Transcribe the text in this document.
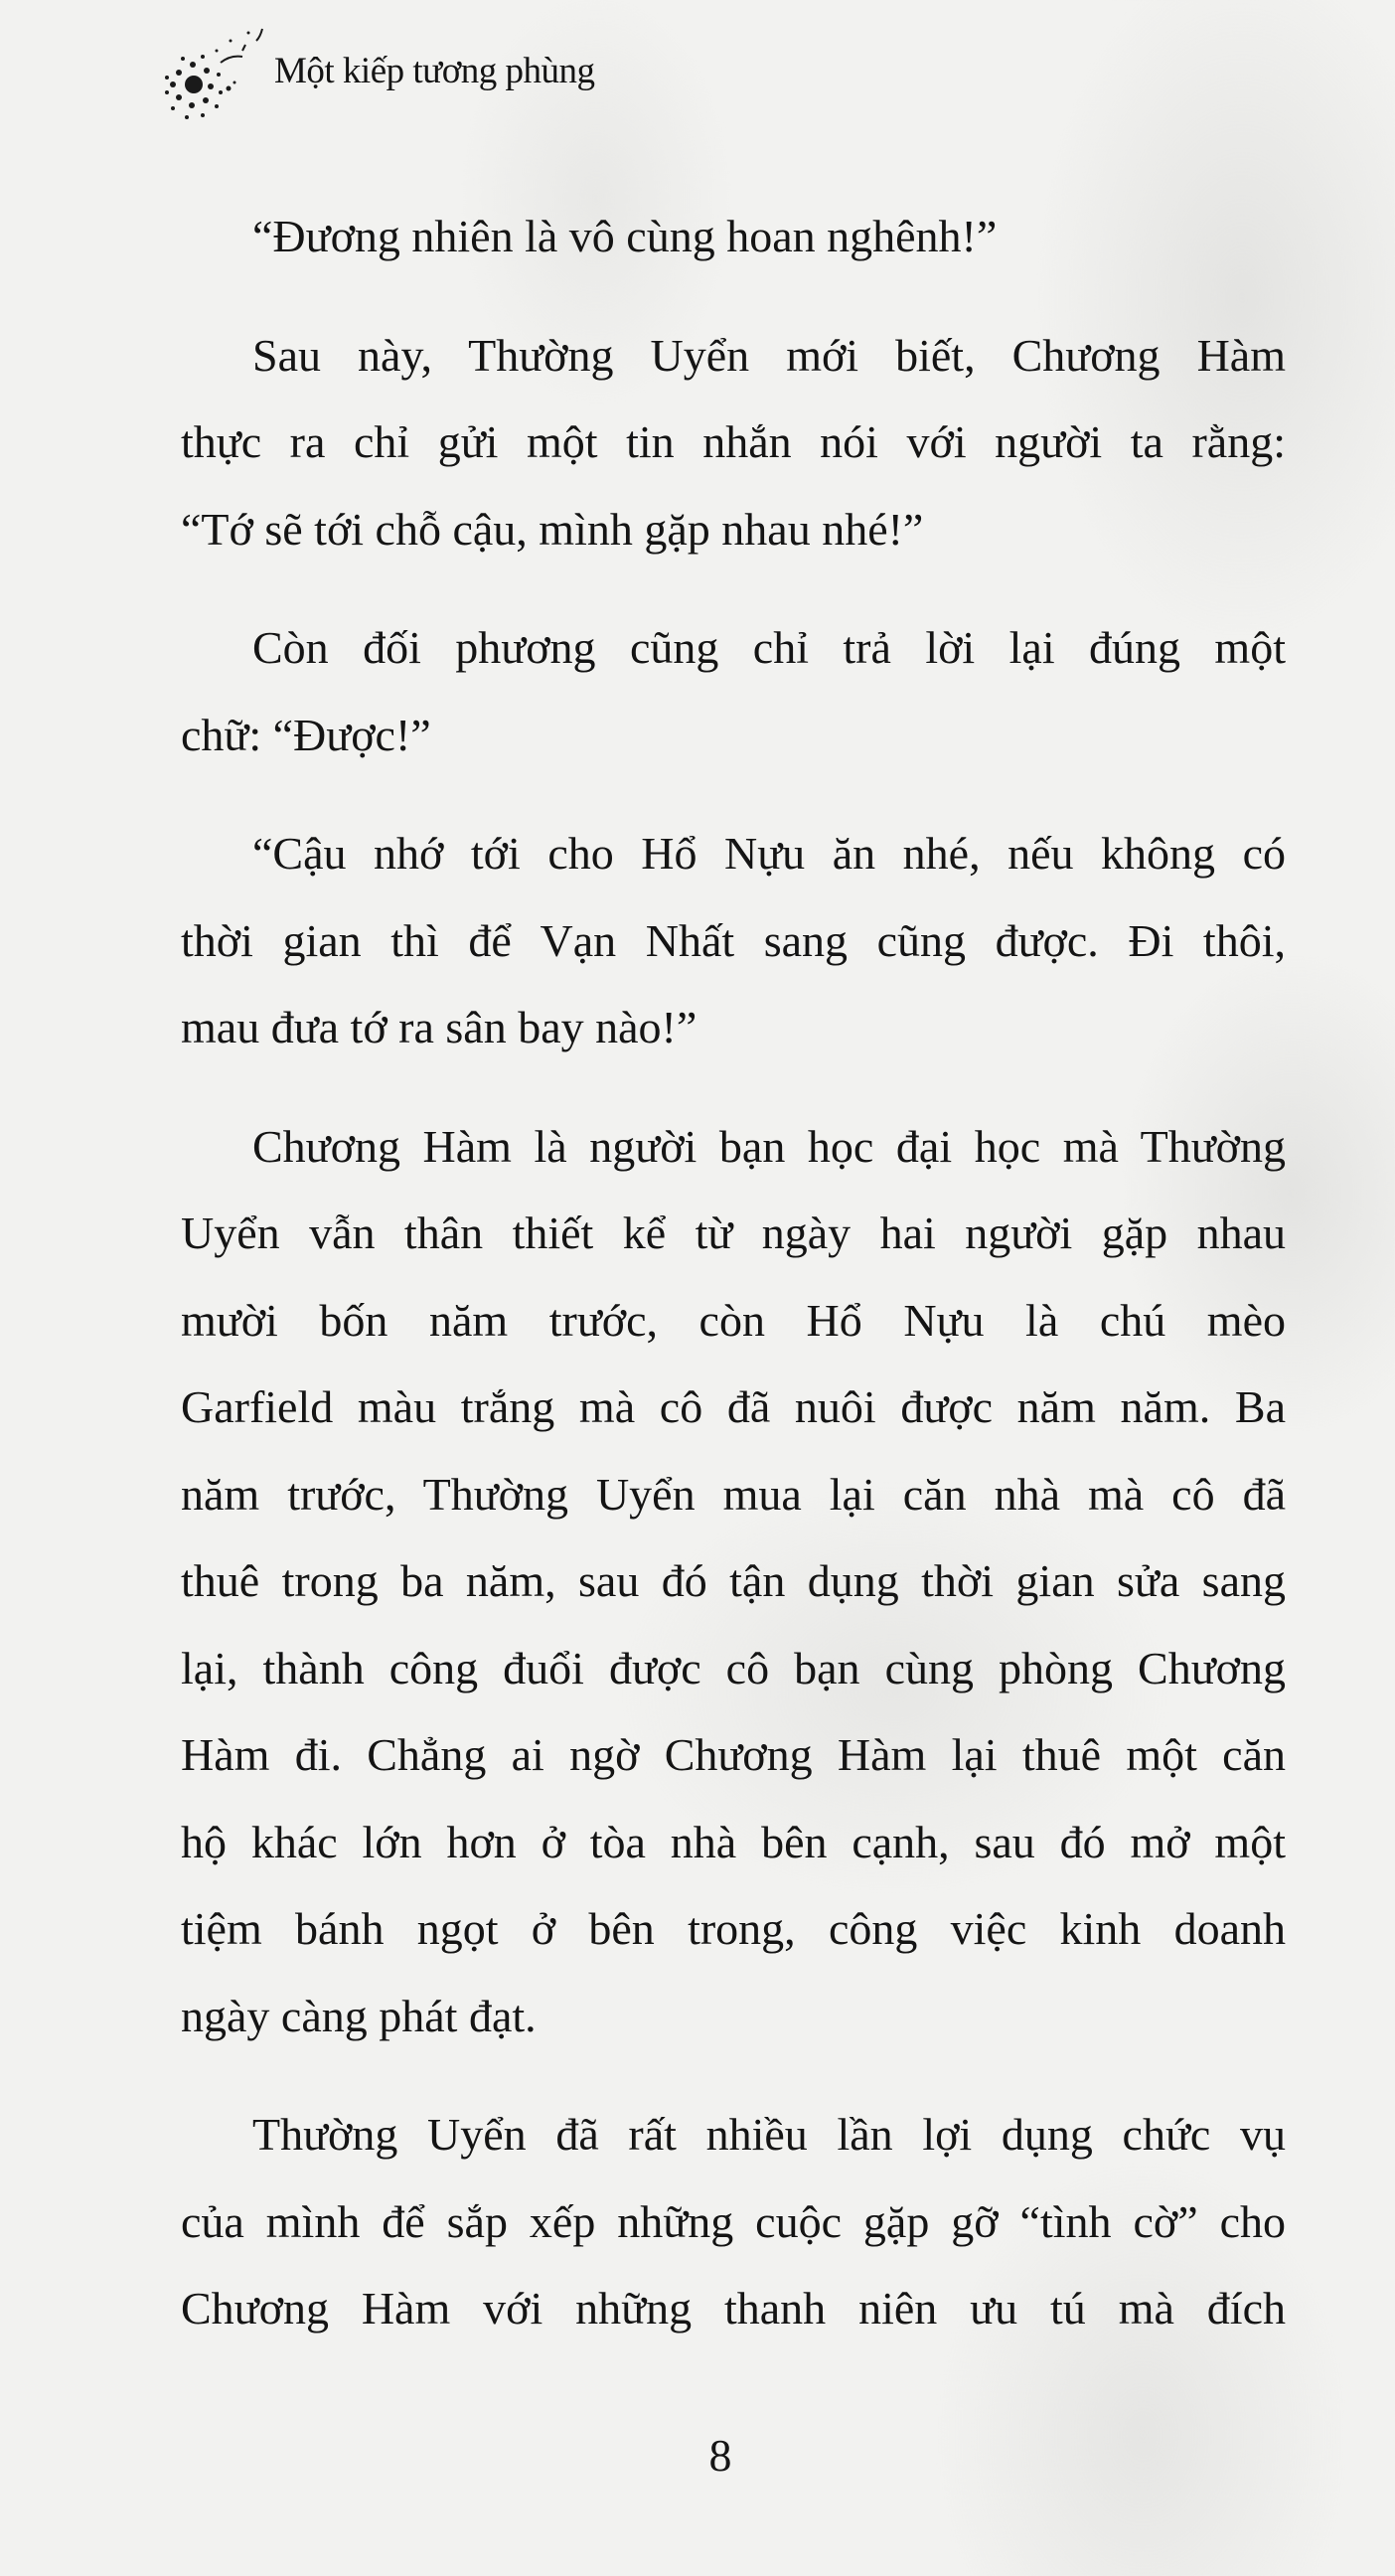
Một kiếp tương phùng
“Đương nhiên là vô cùng hoan nghênh!”
Sau này, Thường Uyển mới biết, Chương Hàm
thực ra chỉ gửi một tin nhắn nói với người ta rằng:
“Tớ sẽ tới chỗ cậu, mình gặp nhau nhé!”
Còn đối phương cũng chỉ trả lời lại đúng một
chữ: “Được!”
“Cậu nhớ tới cho Hổ Nựu ăn nhé, nếu không có
thời gian thì để Vạn Nhất sang cũng được. Đi thôi,
mau đưa tớ ra sân bay nào!”
Chương Hàm là người bạn học đại học mà Thường
Uyển vẫn thân thiết kể từ ngày hai người gặp nhau
mười bốn năm trước, còn Hổ Nựu là chú mèo
Garfield màu trắng mà cô đã nuôi được năm năm. Ba
năm trước, Thường Uyển mua lại căn nhà mà cô đã
thuê trong ba năm, sau đó tận dụng thời gian sửa sang
lại, thành công đuổi được cô bạn cùng phòng Chương
Hàm đi. Chẳng ai ngờ Chương Hàm lại thuê một căn
hộ khác lớn hơn ở tòa nhà bên cạnh, sau đó mở một
tiệm bánh ngọt ở bên trong, công việc kinh doanh
ngày càng phát đạt.
Thường Uyển đã rất nhiều lần lợi dụng chức vụ
của mình để sắp xếp những cuộc gặp gỡ “tình cờ” cho
Chương Hàm với những thanh niên ưu tú mà đích
8
